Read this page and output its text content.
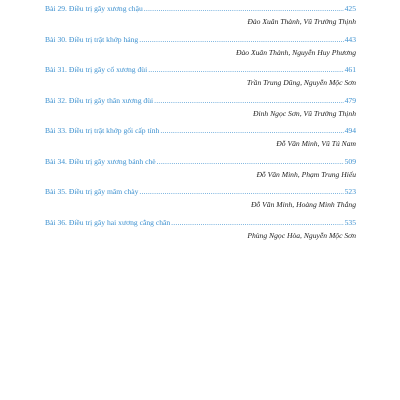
Bài 29. Điều trị gãy xương chậu .....	425
Đào Xuân Thành, Vũ Trường Thịnh
Bài 30. Điều trị trật khớp háng .....	443
Đào Xuân Thành, Nguyễn Huy Phương
Bài 31. Điều trị gãy cổ xương đùi .....	461
Trần Trung Dũng, Nguyễn Mộc Sơn
Bài 32. Điều trị gãy thân xương đùi .....	479
Đinh Ngọc Sơn, Vũ Trường Thịnh
Bài 33. Điều trị trật khớp gối cấp tính .....	494
Đỗ Văn Minh, Vũ Tú Nam
Bài 34. Điều trị gãy xương bánh chè .....	509
Đỗ Văn Minh, Phạm Trung Hiếu
Bài 35. Điều trị gãy mâm chày .....	523
Đỗ Văn Minh, Hoàng Minh Thắng
Bài 36. Điều trị gãy hai xương cẳng chân .....	535
Phùng Ngọc Hòa, Nguyễn Mộc Sơn
